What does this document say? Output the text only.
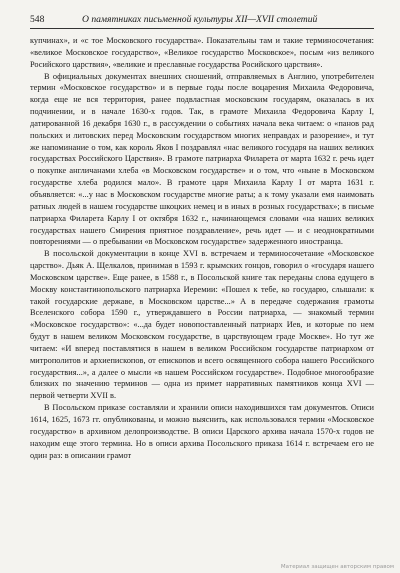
548	О памятниках письменной культуры XII—XVII столетий

купчинах», и «с тое Московского государства». Показательны там и такие терминосочетания: «великое Московское государство», «Великое государство Московское», посым «из великого Росийского царствия», «великие и преславные государства Росийского царствия».

В официальных документах внешних сношений, отправляемых в Англию, употребителен термин «Московское государство» и в первые годы после воцарения Михаила Федоровича, когда еще не вся территория, ранее подвластная московским государям, оказалась в их подчинении, и в начале 1630-х годов. Так, в грамоте Михаила Федоровича Карлу I, датированной 16 декабря 1630 г., в рассуждении о событиях начала века читаем: о «панов рад польских и литовских перед Московским государством многих неправдах и разорение», и тут же напоминание о том, как король Яков I поздравлял «нас великого государя на наших великих государствах Российского Царствия». В грамоте патриарха Филарета от марта 1632 г. речь идет о покупке англичанами хлеба «в Московском государстве» и о том, что «ныне в Московском государстве хлеба родился мало». В грамоте царя Михаила Карлу I от марта 1631 г. объявляется: «...у нас в Московском государстве многие раты; а к тому указали емя наимовать ратных людей в нашем государстве шкоцких немец и в иных в розных государствах»; в письме патриарха Филарета Карлу I от октября 1632 г., начинающемся словами «на наших великих государствах нашего Смирения приятное поздравление», речь идет — и с неоднократными повторениями — о пребывании «в Московском государстве» задерженного иностранца.

В посольской документации в конце XVI в. встречаем и терминосочетание «Московское царство». Дьяк А. Щелкалов, принимая в 1593 г. крымских гонцов, говорил о «государя нашего Московском царстве». Еще ранее, в 1588 г., в Посольской книге так переданы слова едущего в Москву константинопольского патриарха Иеремии: «Пошел к тебе, ко государю, слышали: к такой государские державе, в Московском царстве...» А в передаче содержания грамоты Вселенского собора 1590 г., утверждавшего в России патриарха, — знакомый термин «Московское государство»: «...да будет новопоставленный патриарх Иев, и которые по нем будут в нашем великом Московском государстве, в царствующем граде Москве». Но тут же читаем: «И вперед поставлятися в нашем в великом Российском государстве патриархом от митрополитов и архиепископов, от епископов и всего освященного собора нашего Российского государствия...», а далее о мысли «в нашем Российском государстве». Подобное многообразие близких по значению терминов — одна из примет нарративных памятников конца XVI — первой четверти XVII в.

В Посольском приказе составляли и хранили описи находившихся там документов. Описи 1614, 1625, 1673 гг. опубликованы, и можно выяснить, как использовался термин «Московское государство» в архивном делопроизводстве. В описи Царского архива начала 1570-х годов не находим еще этого термина. Но в описи архива Посольского приказа 1614 г. встречаем его не один раз: в описании грамот

Материал защищен авторским правом
